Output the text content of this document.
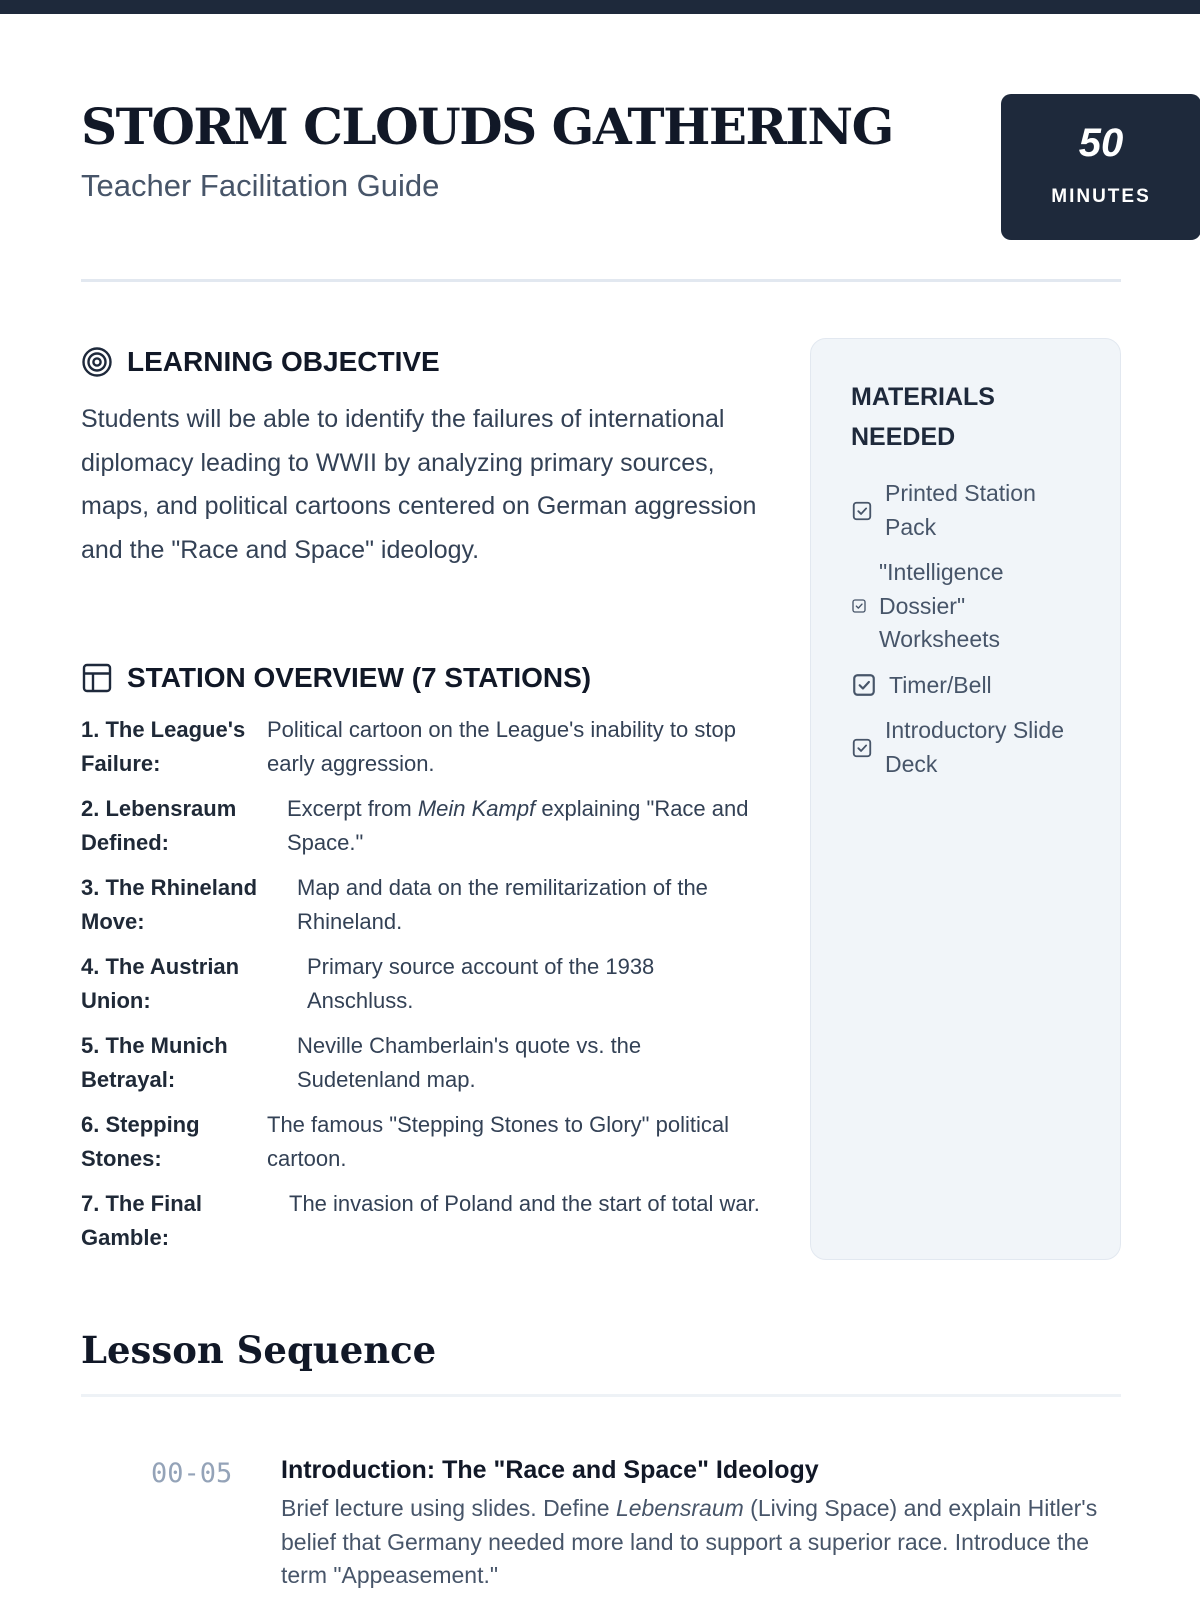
STORM CLOUDS GATHERING
Teacher Facilitation Guide
50
MINUTES
LEARNING OBJECTIVE
Students will be able to identify the failures of international diplomacy leading to WWII by analyzing primary sources, maps, and political cartoons centered on German aggression and the "Race and Space" ideology.
STATION OVERVIEW (7 STATIONS)
1. The League's Failure:
Political cartoon on the League's inability to stop early aggression.
2. Lebensraum Defined:
Excerpt from Mein Kampf explaining "Race and Space."
3. The Rhineland Move:
Map and data on the remilitarization of the Rhineland.
4. The Austrian Union:
Primary source account of the 1938 Anschluss.
5. The Munich Betrayal:
Neville Chamberlain's quote vs. the Sudetenland map.
6. Stepping Stones:
The famous "Stepping Stones to Glory" political cartoon.
7. The Final Gamble:
The invasion of Poland and the start of total war.
MATERIALS NEEDED
Printed Station Pack
"Intelligence Dossier" Worksheets
Timer/Bell
Introductory Slide Deck
Lesson Sequence
00-05 Introduction: The "Race and Space" Ideology
Brief lecture using slides. Define Lebensraum (Living Space) and explain Hitler's belief that Germany needed more land to support a superior race. Introduce the term "Appeasement."
